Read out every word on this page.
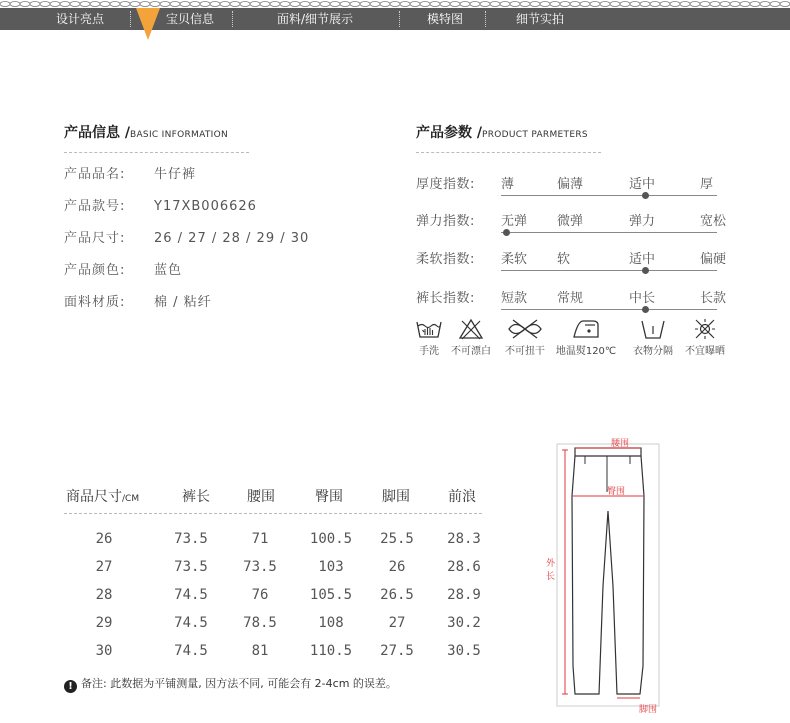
设计亮点	宝贝信息	面料/细节展示	模特图	细节实拍
产品信息 /BASIC INFORMATION
产品品名: 牛仔裤
产品款号: Y17XB006626
产品尺寸: 26 / 27 / 28 / 29 / 30
产品颜色: 蓝色
面料材质: 棉 / 粘纤
产品参数 /PRODUCT PARMETERS
厚度指数: 薄	偏薄	适中	厚
弹力指数: 无弹 微弹	弹力	宽松
柔软指数: 柔软 软	适中	偏硬
裤长指数: 短款 常规	中长	长款
手洗	不可漂白	不可扭干	地温熨120℃	衣物分隔	不宜曝晒
商品尺寸/CM	裤长	腰围	臀围	脚围	前浪
26	73.5	71	100.5	25.5	28.3
27	73.5	73.5	103	26	28.6
28	74.5	76	105.5	26.5	28.9
29	74.5	78.5	108	27	30.2
30	74.5	81	110.5	27.5	30.5
! 备注: 此数据为平铺测量, 因方法不同, 可能会有 2-4cm 的误差。
腰围
臀围
外
长
脚围
